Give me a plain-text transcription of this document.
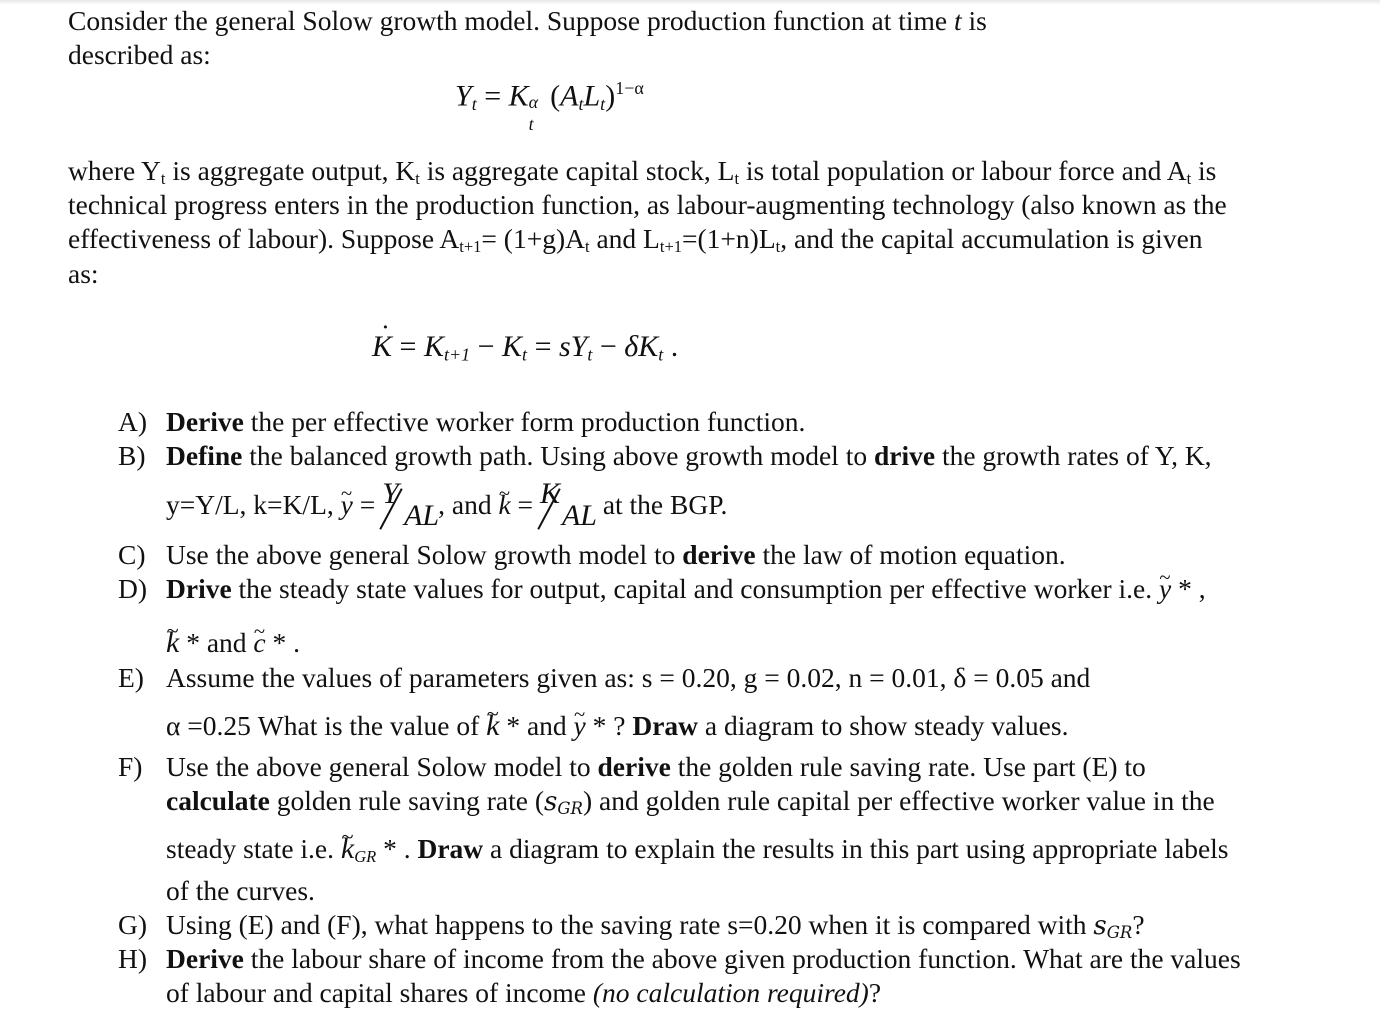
Consider the general Solow growth model. Suppose production function at time t is
described as:
$Y_t = K$ α
t
$(A_tL_t)^{1-\alpha}$
where $Y_t$ is aggregate output, $K_t$ is aggregate capital stock, $L_t$ is total population or labour force and $A_t$ is
technical progress enters in the production function, as labour-augmenting technology (also known as the
effectiveness of labour). Suppose $A_{t+1}= (1+g)A_t$ and $L_{t+1}=(1+n)L_t$, and the capital accumulation is given
as:
˙ $K = K_{t+1} - K_t = sY_t - \delta K_t$ .
A) Derive the per effective worker form production function.
B) Define the balanced growth path. Using above growth model to drive the growth rates of Y, K,
y=Y/L, k=K/L, ~ y = Y
AL
, and ~ k = K
AL
at the BGP.
C) Use the above general Solow growth model to derive the law of motion equation.
D) Drive the steady state values for output, capital and consumption per effective worker i.e. ~ y * ,
~ k * and ~ c * .
E) Assume the values of parameters given as: s = 0.20, g = 0.02, n = 0.01, δ = 0.05 and
α =0.25 What is the value of ~ k * and ~ y * ? Draw a diagram to show steady values.
F) Use the above general Solow model to derive the golden rule saving rate. Use part (E) to
calculate golden rule saving rate $(s_{GR})$ and golden rule capital per effective worker value in the
steady state i.e. ~ $k_{GR}$ * . Draw a diagram to explain the results in this part using appropriate labels
of the curves.
G) Using (E) and (F), what happens to the saving rate s=0.20 when it is compared with $s_{GR}$?
H) Derive the labour share of income from the above given production function. What are the values
of labour and capital shares of income (no calculation required)?
